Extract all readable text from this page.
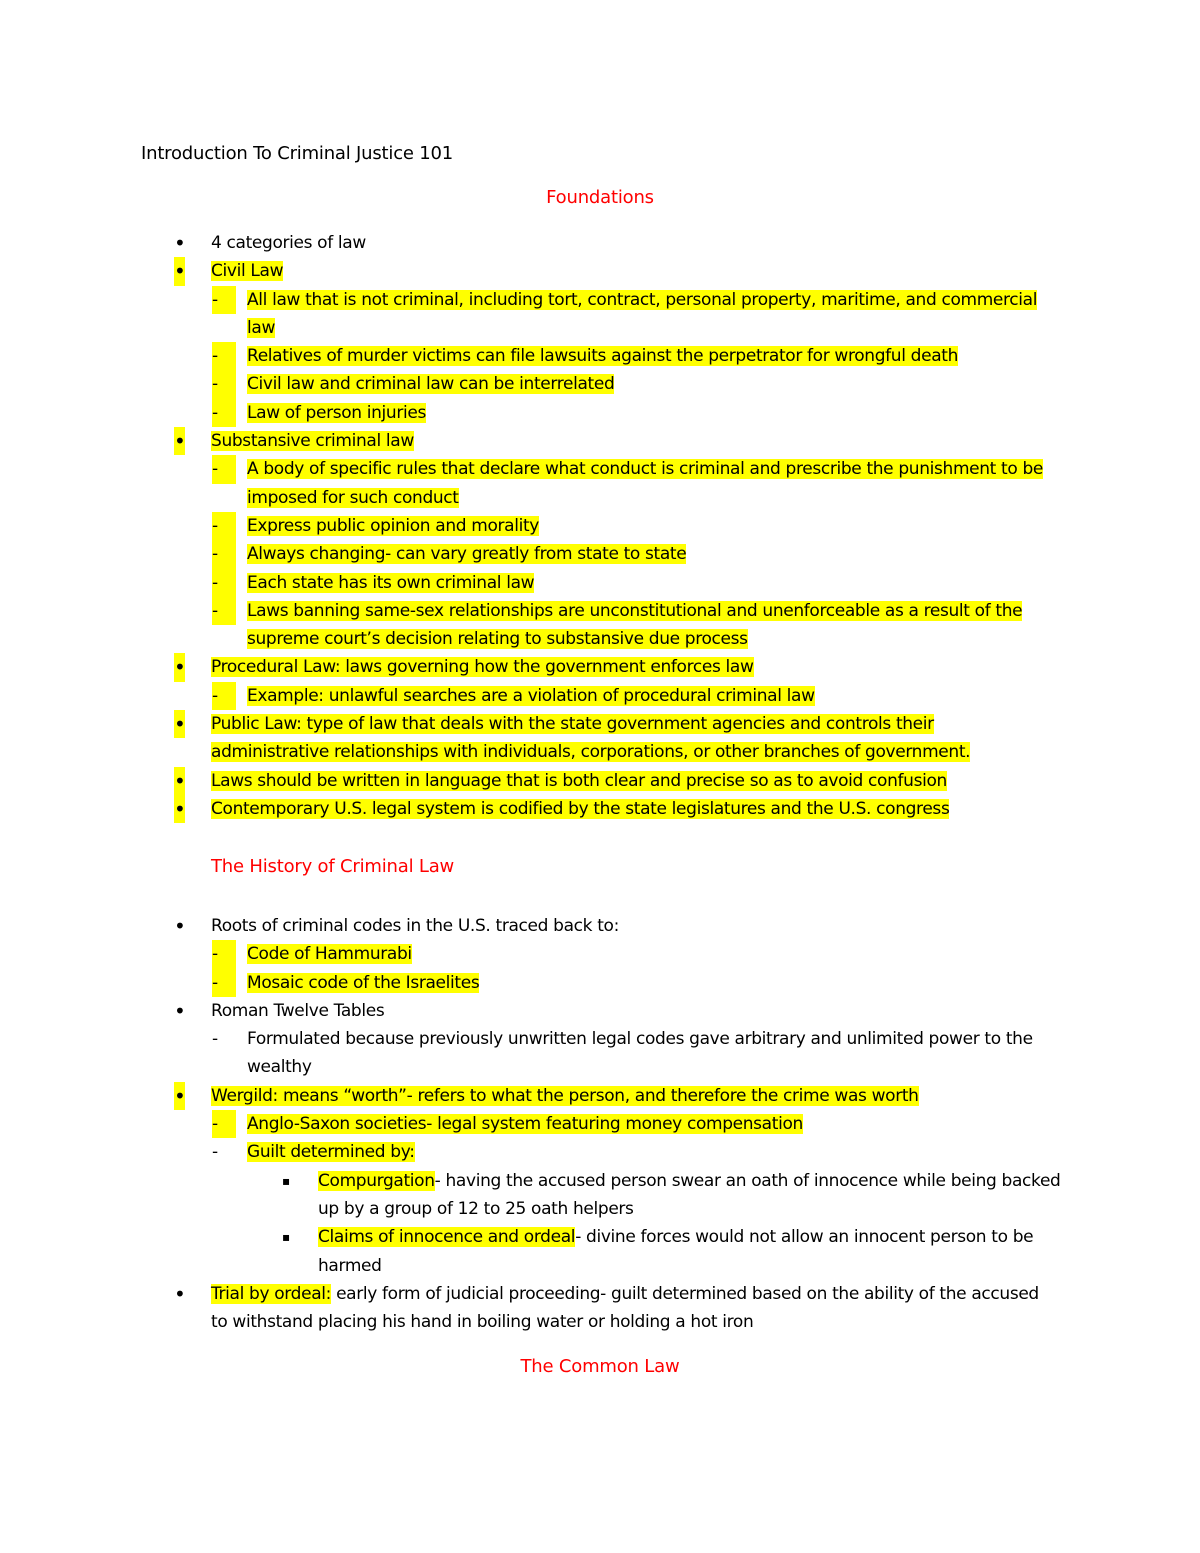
Introduction To Criminal Justice 101
Foundations
• 4 categories of law
• Civil Law
-	All law that is not criminal, including tort, contract, personal property, maritime, and commercial law
-	Relatives of murder victims can file lawsuits against the perpetrator for wrongful death
-	Civil law and criminal law can be interrelated
-	Law of person injuries
• Substansive criminal law
-	A body of specific rules that declare what conduct is criminal and prescribe the punishment to be imposed for such conduct
-	Express public opinion and morality
-	Always changing- can vary greatly from state to state
-	Each state has its own criminal law
-	Laws banning same-sex relationships are unconstitutional and unenforceable as a result of the supreme court’s decision relating to substansive due process
• Procedural Law: laws governing how the government enforces law
-	Example: unlawful searches are a violation of procedural criminal law
• Public Law: type of law that deals with the state government agencies and controls their administrative relationships with individuals, corporations, or other branches of government.
• Laws should be written in language that is both clear and precise so as to avoid confusion
• Contemporary U.S. legal system is codified by the state legislatures and the U.S. congress
The History of Criminal Law
• Roots of criminal codes in the U.S. traced back to:
-	Code of Hammurabi
-	Mosaic code of the Israelites
• Roman Twelve Tables
- Formulated because previously unwritten legal codes gave arbitrary and unlimited power to the wealthy
• Wergild: means “worth”- refers to what the person, and therefore the crime was worth
-	Anglo-Saxon societies- legal system featuring money compensation
- Guilt determined by:
▪ Compurgation- having the accused person swear an oath of innocence while being backed up by a group of 12 to 25 oath helpers
▪ Claims of innocence and ordeal- divine forces would not allow an innocent person to be harmed
• Trial by ordeal: early form of judicial proceeding- guilt determined based on the ability of the accused to withstand placing his hand in boiling water or holding a hot iron
The Common Law
